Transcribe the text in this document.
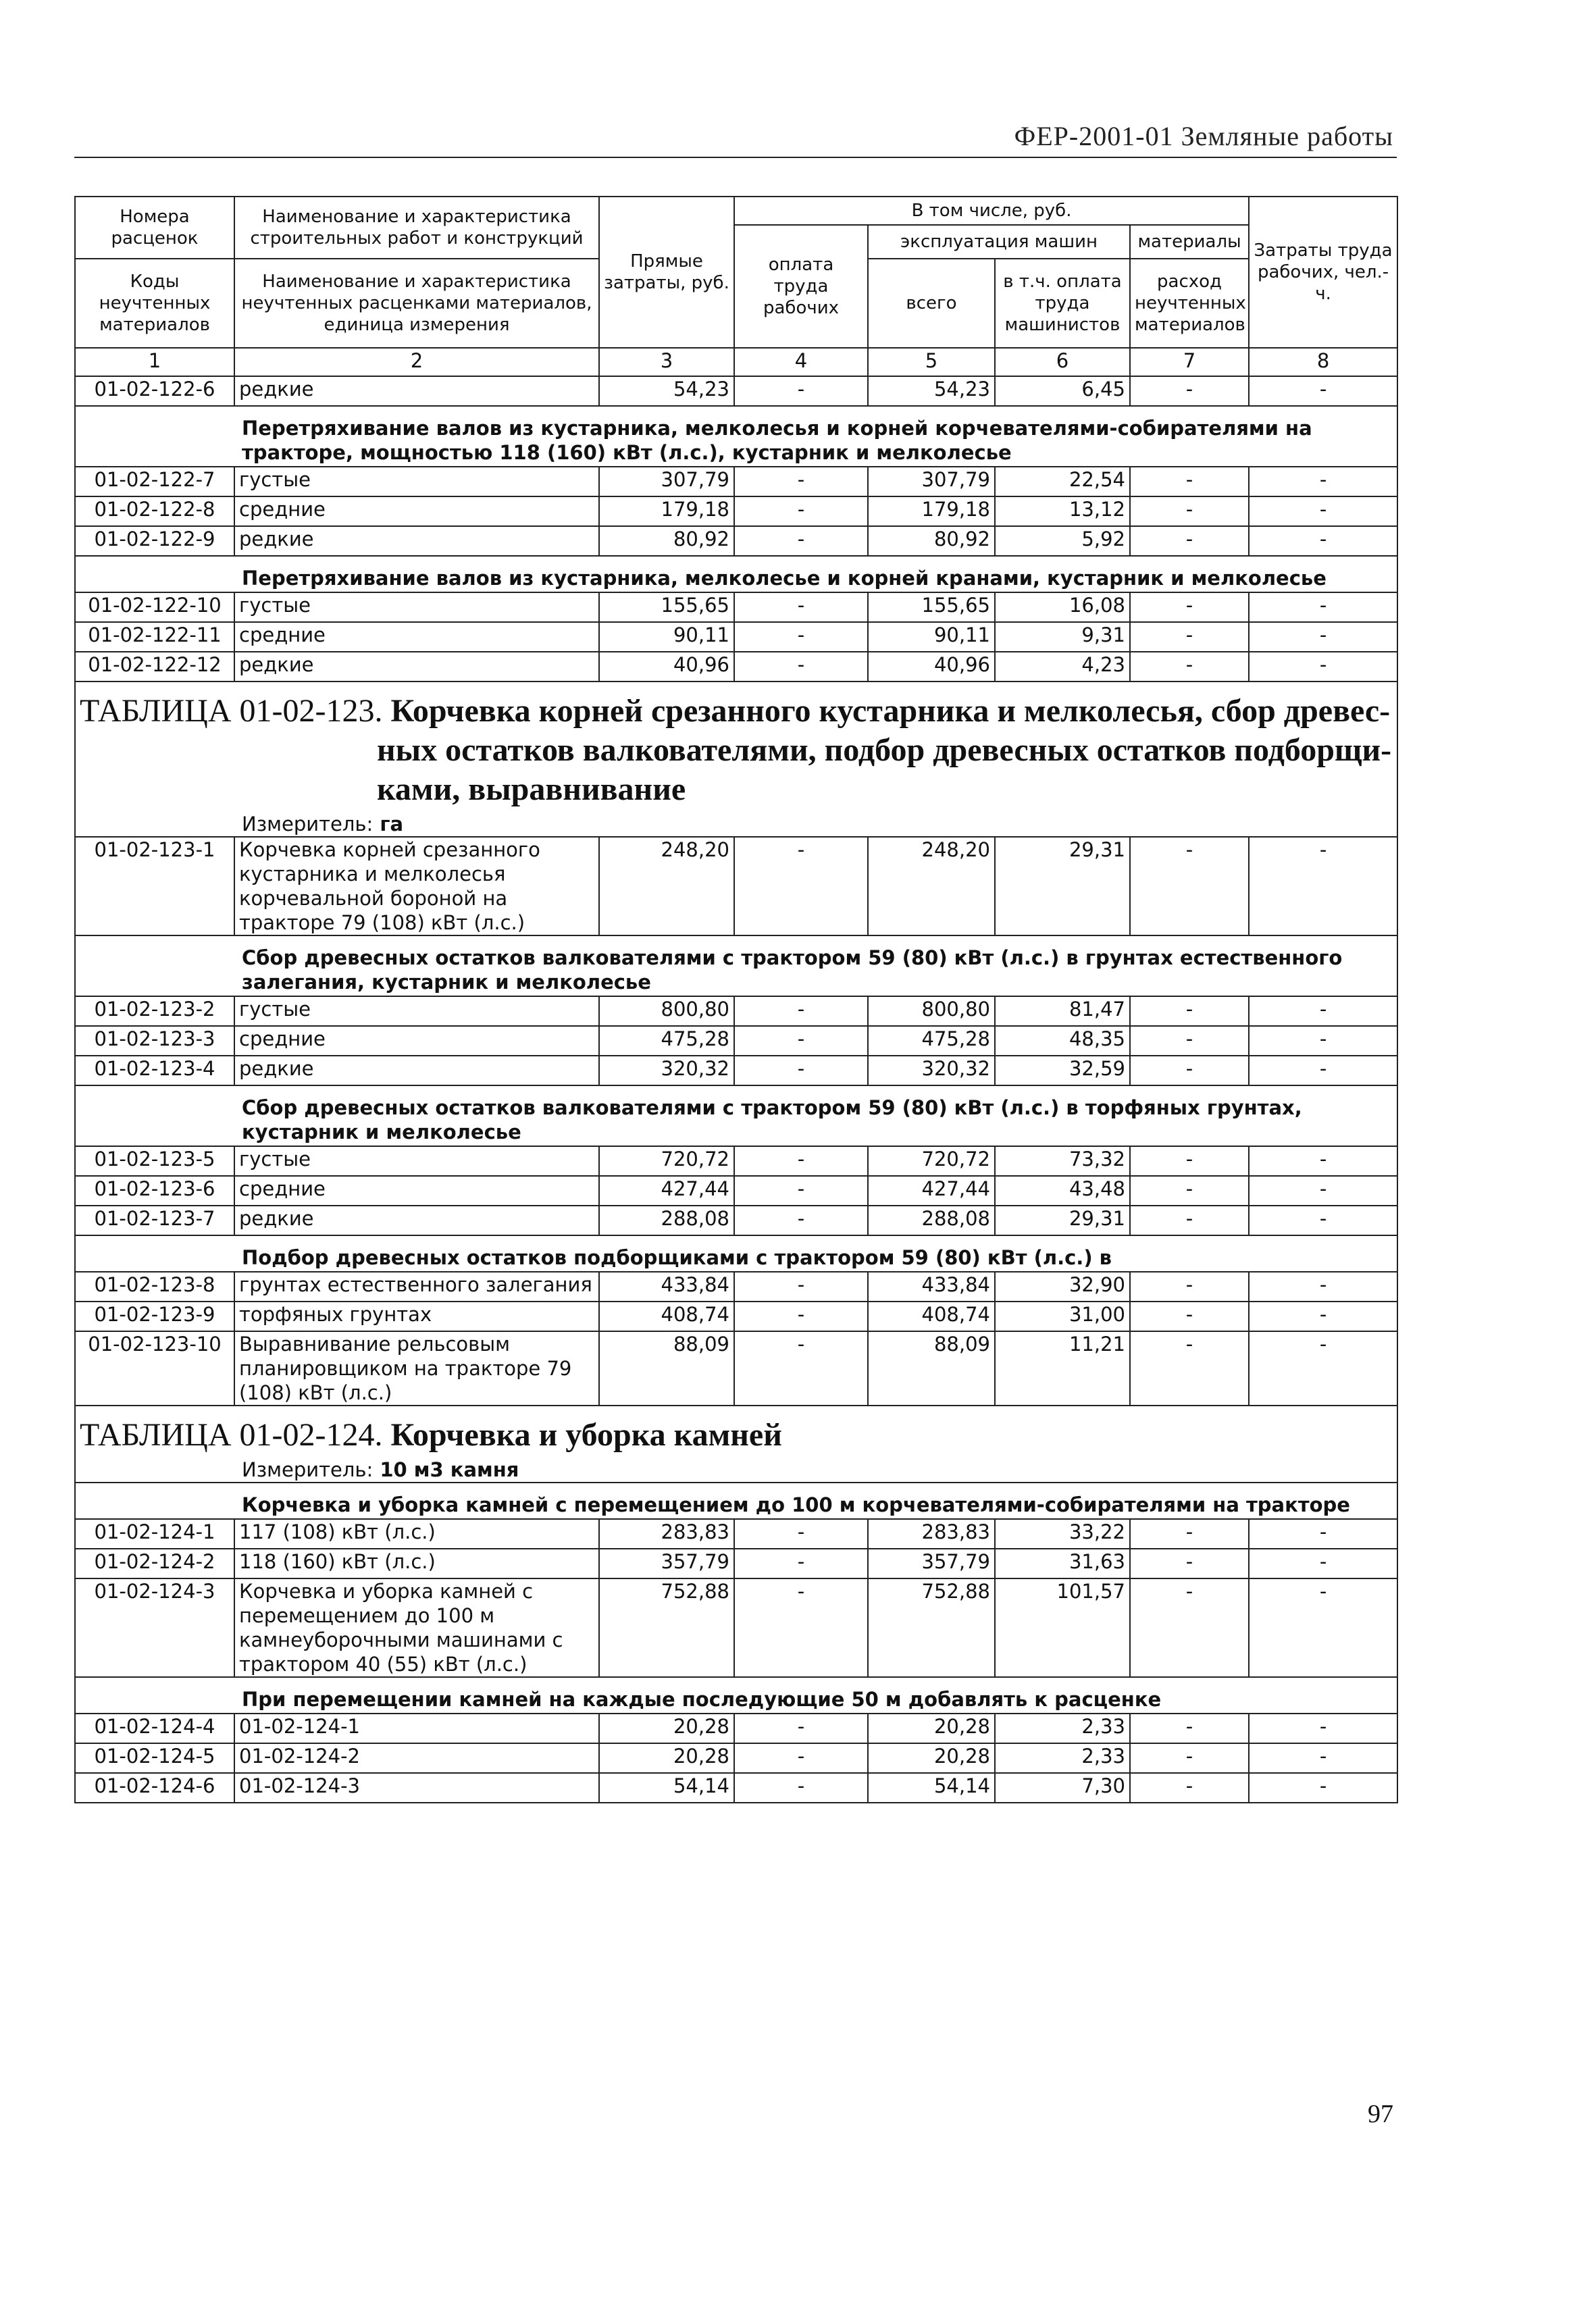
ФЕР-2001-01 Земляные работы
Номера расценок	Наименование и характеристика строительных работ и конструкций	Прямые затраты, руб.	В том числе, руб.				Затраты труда рабочих, чел.-ч.
			оплата труда рабочих	эксплуатация машин		материалы	
Коды неучтенных материалов	Наименование и характеристика неучтенных расценками материалов, единица измерения			всего	в т.ч. оплата труда машинистов	расход неучтенных материалов	

1	2	3	4	5	6	7	8
01-02-122-6	редкие	54,23	-	54,23	6,45	-	-

Перетряхивание валов из кустарника, мелколесья и корней корчевателями-собирателями на тракторе, мощностью 118 (160) кВт (л.с.), кустарник и мелколесье							

01-02-122-7	густые	307,79	-	307,79	22,54	-	-
01-02-122-8	средние	179,18	-	179,18	13,12	-	-
01-02-122-9	редкие	80,92	-	80,92	5,92	-	-

Перетряхивание валов из кустарника, мелколесье и корней кранами, кустарник и мелколесье							

01-02-122-10	густые	155,65	-	155,65	16,08	-	-
01-02-122-11	средние	90,11	-	90,11	9,31	-	-
01-02-122-12	редкие	40,96	-	40,96	4,23	-	-

ТАБЛИЦА 01-02-123. Корчевка корней срезанного кустарника и мелколесья, сбор древес-
ных остатков валкователями, подбор древесных остатков подборщи-
ками, выравнивание
Измеритель: га							

01-02-123-1	Корчевка корней срезанного кустарника и мелколесья корчевальной бороной на тракторе 79 (108) кВт (л.с.)	248,20	-	248,20	29,31	-	-

Сбор древесных остатков валкователями с трактором 59 (80) кВт (л.с.) в грунтах естественного залегания, кустарник и мелколесье							

01-02-123-2	густые	800,80	-	800,80	81,47	-	-
01-02-123-3	средние	475,28	-	475,28	48,35	-	-
01-02-123-4	редкие	320,32	-	320,32	32,59	-	-

Сбор древесных остатков валкователями с трактором 59 (80) кВт (л.с.) в торфяных грунтах, кустарник и мелколесье							

01-02-123-5	густые	720,72	-	720,72	73,32	-	-
01-02-123-6	средние	427,44	-	427,44	43,48	-	-
01-02-123-7	редкие	288,08	-	288,08	29,31	-	-

Подбор древесных остатков подборщиками с трактором 59 (80) кВт (л.с.) в							

01-02-123-8	грунтах естественного залегания	433,84	-	433,84	32,90	-	-
01-02-123-9	торфяных грунтах	408,74	-	408,74	31,00	-	-
01-02-123-10	Выравнивание рельсовым планировщиком на тракторе 79 (108) кВт (л.с.)	88,09	-	88,09	11,21	-	-

ТАБЛИЦА 01-02-124. Корчевка и уборка камней
Измеритель: 10 м3 камня							

Корчевка и уборка камней с перемещением до 100 м корчевателями-собирателями на тракторе							

01-02-124-1	117 (108) кВт (л.с.)	283,83	-	283,83	33,22	-	-
01-02-124-2	118 (160) кВт (л.с.)	357,79	-	357,79	31,63	-	-
01-02-124-3	Корчевка и уборка камней с перемещением до 100 м камнеуборочными машинами с трактором 40 (55) кВт (л.с.)	752,88	-	752,88	101,57	-	-

При перемещении камней на каждые последующие 50 м добавлять к расценке							

01-02-124-4	01-02-124-1	20,28	-	20,28	2,33	-	-
01-02-124-5	01-02-124-2	20,28	-	20,28	2,33	-	-
01-02-124-6	01-02-124-3	54,14	-	54,14	7,30	-	-
97
